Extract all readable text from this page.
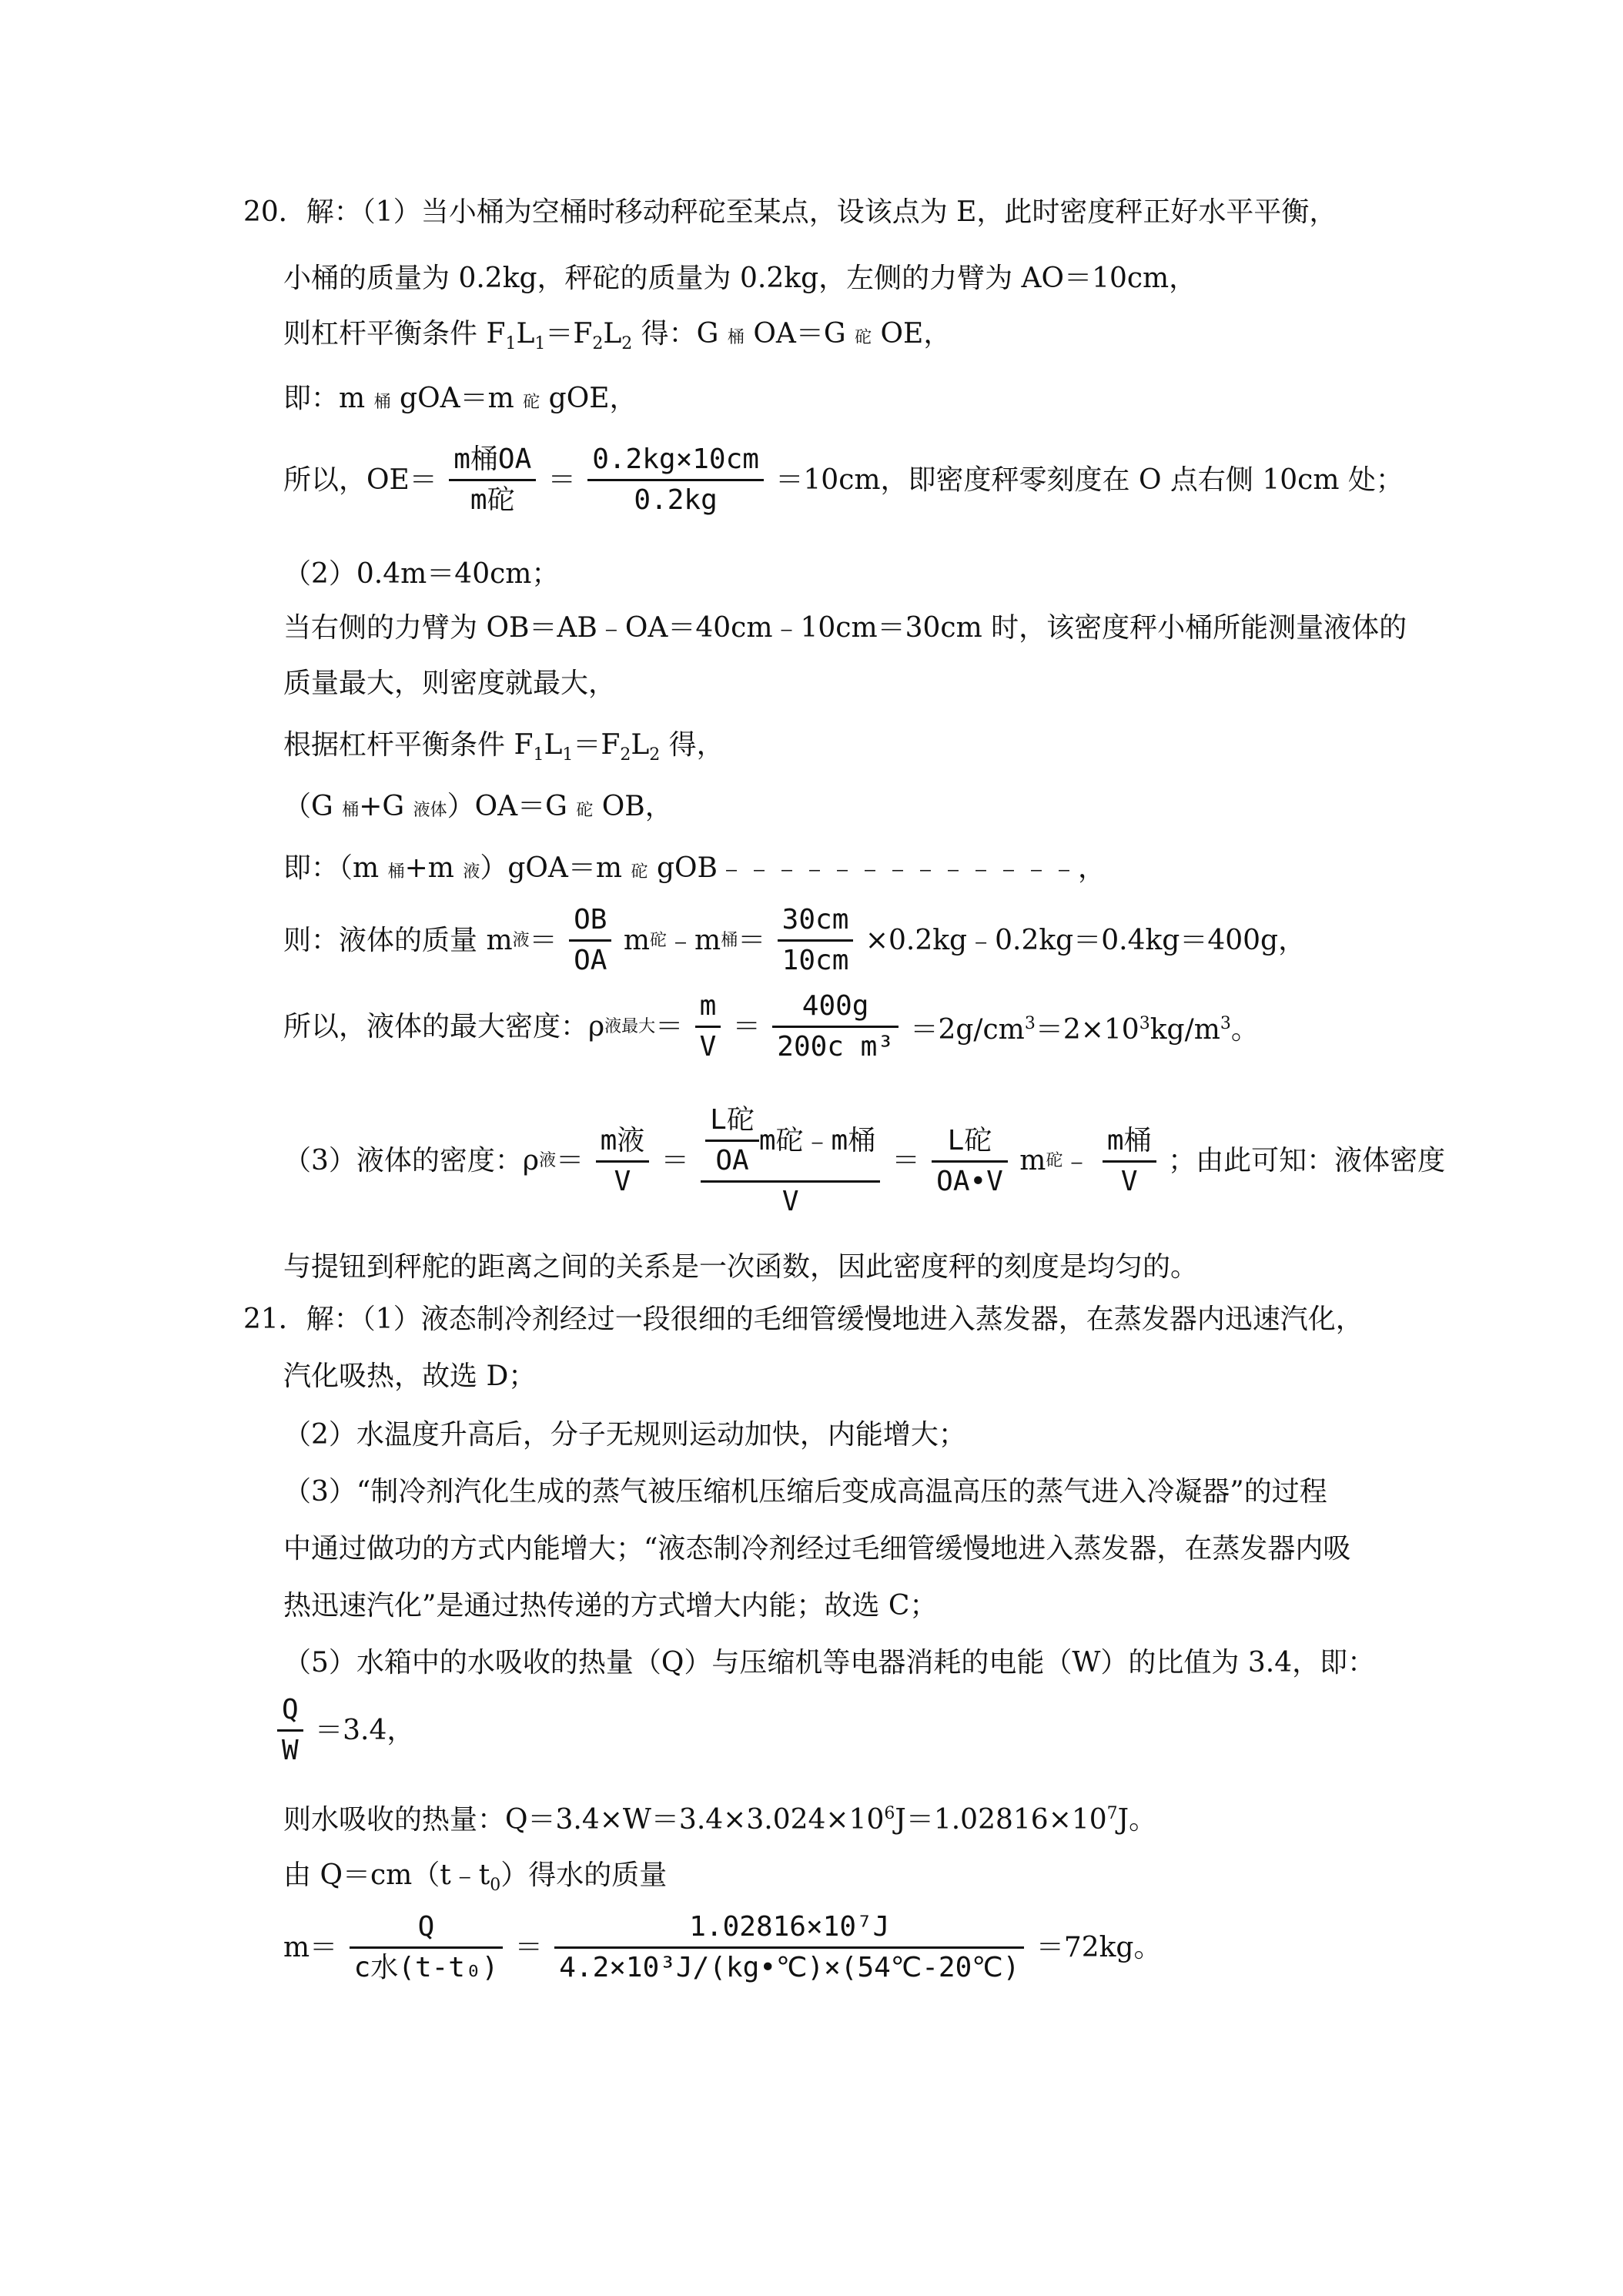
20．解：（1）当小桶为空桶时移动秤砣至某点，设该点为 E，此时密度秤正好水平平衡，
小桶的质量为 0.2kg，秤砣的质量为 0.2kg，左侧的力臂为 AO＝10cm，
则杠杆平衡条件 $F_1L_1=F_2L_2$ 得：G 桶 OA＝G 砣 OE，
即：m 桶 gOA＝m 砣 gOE，
所以，$OE= \frac{\text{m桶OA}}{\text{m砣}} = \frac{0.2kg\times 10cm}{0.2kg} =10cm$，即密度秤零刻度在 O 点右侧 10cm 处；
（2）0.4m＝40cm；
当右侧的力臂为 OB＝AB﹣OA＝40cm﹣10cm＝30cm 时，该密度秤小桶所能测量液体的
质量最大，则密度就最大，
根据杠杆平衡条件 $F_1L_1=F_2L_2$ 得，
（G 桶+G 液体）OA＝G 砣 OB，
即：（m 桶+m 液）gOA＝m 砣 gOB﹣﹣﹣﹣﹣﹣﹣﹣﹣﹣﹣﹣﹣，
则：液体的质量 m液＝ $\frac{OB}{OA}$ m砣﹣m桶＝ $\frac{30cm}{10cm}$ ×0.2kg﹣0.2kg＝0.4kg＝400g，
所以，液体的最大密度：ρ液最大＝ $\frac{m}{V} = \frac{400g}{\text{200c m³}} =2g/cm^3=2\times 10^3kg/m^3$。
（3）液体的密度：ρ液＝ $\frac{\text{m液}}{V} = \frac{\frac{\text{L砣}}{OA} m砣﹣m桶}{V} = \frac{\text{L砣}}{OA•V}$ m砣﹣ $\frac{\text{m桶}}{V}$ ；由此可知：液体密度
与提钮到秤舵的距离之间的关系是一次函数，因此密度秤的刻度是均匀的。
21．解：（1）液态制冷剂经过一段很细的毛细管缓慢地进入蒸发器，在蒸发器内迅速汽化，
汽化吸热，故选 D；
（2）水温度升高后，分子无规则运动加快，内能增大；
（3）“制冷剂汽化生成的蒸气被压缩机压缩后变成高温高压的蒸气进入冷凝器”的过程
中通过做功的方式内能增大；“液态制冷剂经过毛细管缓慢地进入蒸发器，在蒸发器内吸
热迅速汽化”是通过热传递的方式增大内能；故选 C；
（5）水箱中的水吸收的热量（Q）与压缩机等电器消耗的电能（W）的比值为 3.4，即：
$\frac{Q}{W} =3.4$，
则水吸收的热量：$Q=3.4\times W=3.4\times 3.024\times 10^6J=1.02816\times 10^7J$。
由 $Q=cm(t﹣t_0)$得水的质量
$m= \frac{Q}{\text{c水(t-t₀)}} = \frac{\text{1.02816×10⁷J}}{\text{4.2×10³J/(kg•℃)×(54℃-20℃)}} =72kg$。
